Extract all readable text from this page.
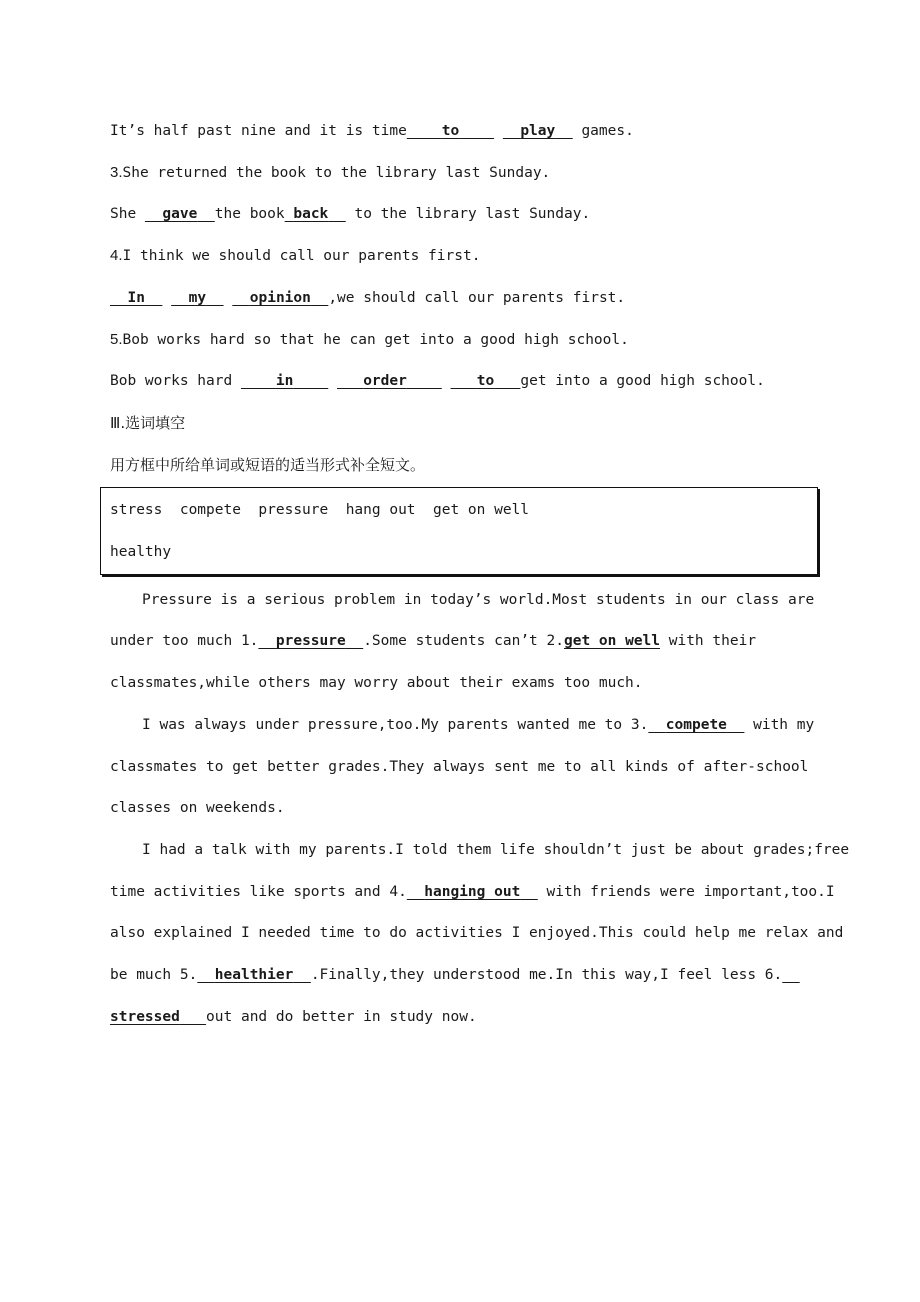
It’s half past nine and it is time to	play games.
3.She returned the book to the library last Sunday.
She   gave the book back   to the library last Sunday.
4.I think we should call our parents first.
In	my	opinion ,we should call our parents first.
5.Bob works hard so that he can get into a good high school.
Bob works hard     in	order	to get into a good high school.
Ⅲ.选词填空
用方框中所给单词或短语的适当形式补全短文。
stress  compete  pressure  hang out  get on well
healthy
Pressure is a serious problem in today’s world.Most students in our class are
under too much 1. pressure .Some students can’t 2.get on well with their
classmates,while others may worry about their exams too much.
I was always under pressure,too.My parents wanted me to 3. compete   with my
classmates to get better grades.They always sent me to all kinds of after-school
classes on weekends.
I had a talk with my parents.I told them life shouldn’t just be about grades;free
time activities like sports and 4. hanging out   with friends were important,too.I
also explained I needed time to do activities I enjoyed.This could help me relax and
be much 5. healthier .Finally,they understood me.In this way,I feel less 6.
stressed out and do better in study now.
